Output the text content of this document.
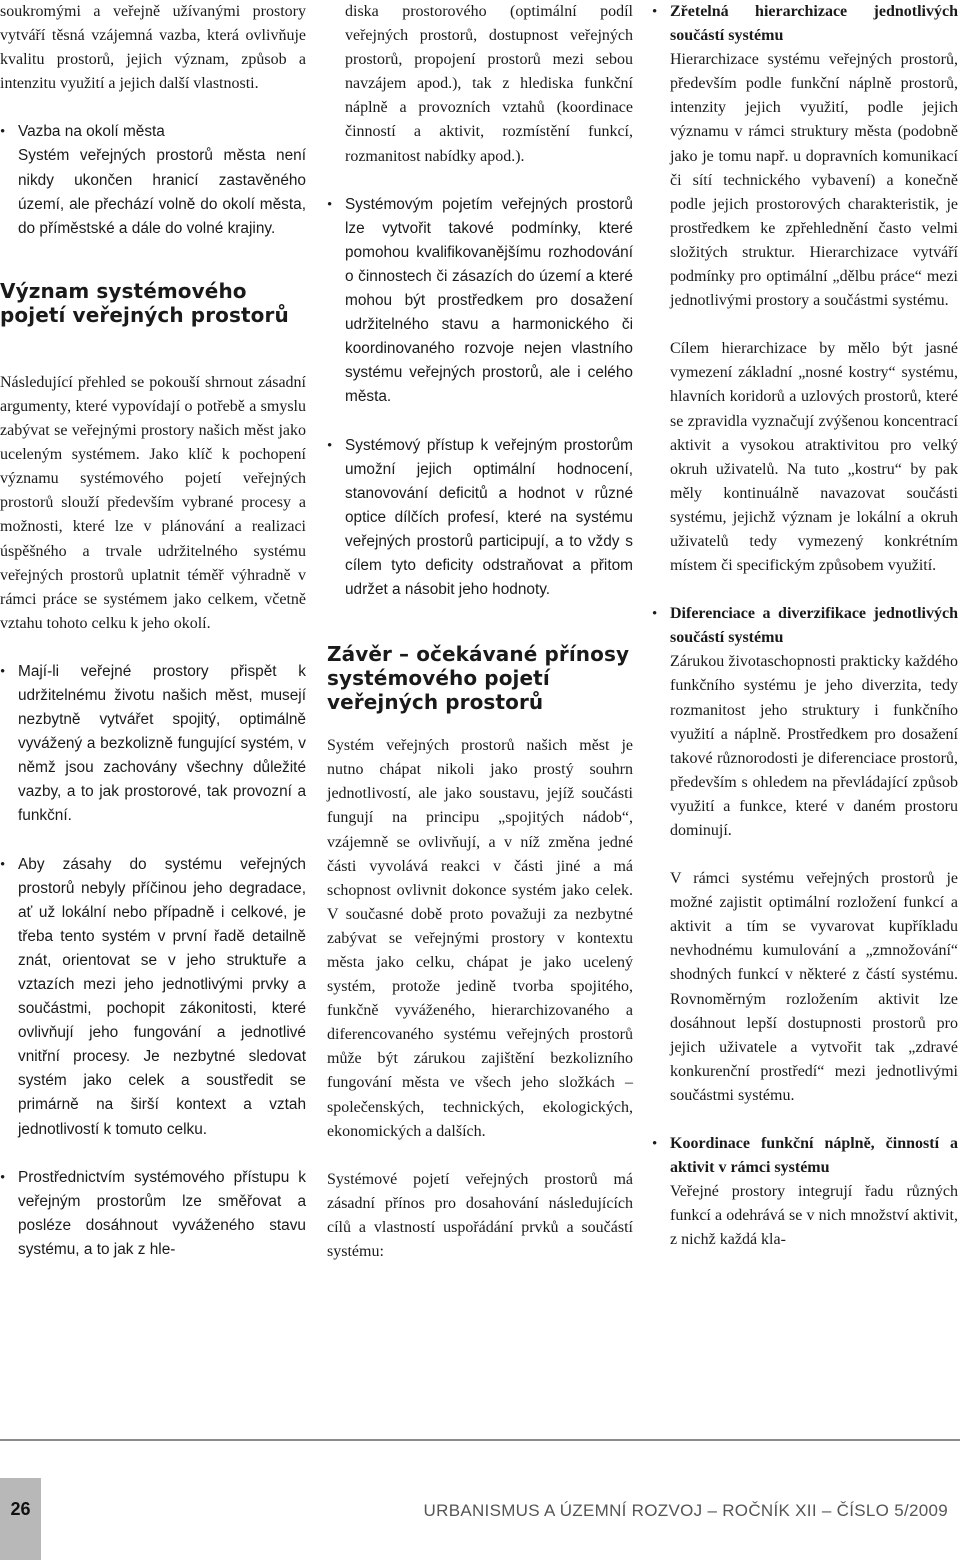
soukromými a veřejně užívanými prostory vytváří těsná vzájemná vazba, která ovlivňuje kvalitu prostorů, jejich význam, způsob a intenzitu využití a jejich další vlastnosti.

• Vazba na okolí města
Systém veřejných prostorů města není nikdy ukončen hranicí zastavěného území, ale přechází volně do okolí města, do příměstské a dále do volné krajiny.
Význam systémového pojetí veřejných prostorů

Následující přehled se pokouší shrnout zásadní argumenty, které vypovídají o potřebě a smyslu zabývat se veřejnými prostory našich měst jako uceleným systémem. Jako klíč k pochopení významu systémového pojetí veřejných prostorů slouží především vybrané procesy a možnosti, které lze v plánování a realizaci úspěšného a trvale udržitelného systému veřejných prostorů uplatnit téměř výhradně v rámci práce se systémem jako celkem, včetně vztahu tohoto celku k jeho okolí.

• Mají-li veřejné prostory přispět k udržitelnému životu našich měst, musejí nezbytně vytvářet spojitý, optimálně vyvážený a bezkolizně fungující systém, v němž jsou zachovány všechny důležité vazby, a to jak prostorové, tak provozní a funkční.
• Aby zásahy do systému veřejných prostorů nebyly příčinou jeho degradace, ať už lokální nebo případně i celkové, je třeba tento systém v první řadě detailně znát, orientovat se v jeho struktuře a vztazích mezi jeho jednotlivými prvky a součástmi, pochopit zákonitosti, které ovlivňují jeho fungování a jednotlivé vnitřní procesy. Je nezbytné sledovat systém jako celek a soustředit se primárně na širší kontext a vztah jednotlivostí k tomuto celku.
• Prostřednictvím systémového přístupu k veřejným prostorům lze směřovat a posléze dosáhnout vyváženého stavu systému, a to jak z hle-

diska prostorového (optimální podíl veřejných prostorů, dostupnost veřejných prostorů, propojení prostorů mezi sebou navzájem apod.), tak z hlediska funkční náplně a provozních vztahů (koordinace činností a aktivit, rozmístění funkcí, rozmanitost nabídky apod.).

• Systémovým pojetím veřejných prostorů lze vytvořit takové podmínky, které pomohou kvalifikovanějšímu rozhodování o činnostech či zásazích do území a které mohou být prostředkem pro dosažení udržitelného stavu a harmonického či koordinovaného rozvoje nejen vlastního systému veřejných prostorů, ale i celého města.
• Systémový přístup k veřejným prostorům umožní jejich optimální hodnocení, stanovování deficitů a hodnot v různé optice dílčích profesí, které na systému veřejných prostorů participují, a to vždy s cílem tyto deficity odstraňovat a přitom udržet a násobit jeho hodnoty.
Závěr – očekávané přínosy systémového pojetí veřejných prostorů

Systém veřejných prostorů našich měst je nutno chápat nikoli jako prostý souhrn jednotlivostí, ale jako soustavu, jejíž součásti fungují na principu „spojitých nádob“, vzájemně se ovlivňují, a v níž změna jedné části vyvolává reakci v části jiné a má schopnost ovlivnit dokonce systém jako celek. V současné době proto považuji za nezbytné zabývat se veřejnými prostory v kontextu města jako celku, chápat je jako ucelený systém, protože jedině tvorba spojitého, funkčně vyváženého, hierarchizovaného a diferencovaného systému veřejných prostorů může být zárukou zajištění bezkolizního fungování města ve všech jeho složkách – společenských, technických, ekologických, ekonomických a dalších.

Systémové pojetí veřejných prostorů má zásadní přínos pro dosahování následujících cílů a vlastností uspořádání prvků a součástí systému:

• Zřetelná hierarchizace jednotlivých součástí systému
Hierarchizace systému veřejných prostorů, především podle funkční náplně prostorů, intenzity jejich využití, podle jejich významu v rámci struktury města (podobně jako je tomu např. u dopravních komunikací či sítí technického vybavení) a konečně podle jejich prostorových charakteristik, je prostředkem ke zpřehlednění často velmi složitých struktur. Hierarchizace vytváří podmínky pro optimální „dělbu práce“ mezi jednotlivými prostory a součástmi systému.
Cílem hierarchizace by mělo být jasné vymezení základní „nosné kostry“ systému, hlavních koridorů a uzlových prostorů, které se zpravidla vyznačují zvýšenou koncentrací aktivit a vysokou atraktivitou pro velký okruh uživatelů. Na tuto „kostru“ by pak měly kontinuálně navazovat součásti systému, jejichž význam je lokální a okruh uživatelů tedy vymezený konkrétním místem či specifickým způsobem využití.
• Diferenciace a diverzifikace jednotlivých součástí systému
Zárukou životaschopnosti prakticky každého funkčního systému je jeho diverzita, tedy rozmanitost jeho struktury i funkčního využití a náplně. Prostředkem pro dosažení takové různorodosti je diferenciace prostorů, především s ohledem na převládající způsob využití a funkce, které v daném prostoru dominují.
V rámci systému veřejných prostorů je možné zajistit optimální rozložení funkcí a aktivit a tím se vyvarovat kupříkladu nevhodnému kumulování a „zmnožování“ shodných funkcí v některé z částí systému. Rovnoměrným rozložením aktivit lze dosáhnout lepší dostupnosti prostorů pro jejich uživatele a vytvořit tak „zdravé konkurenční prostředí“ mezi jednotlivými součástmi systému.
• Koordinace funkční náplně, činností a aktivit v rámci systému
Veřejné prostory integrují řadu různých funkcí a odehrává se v nich množství aktivit, z nichž každá kla-
26	URBANISMUS A ÚZEMNÍ ROZVOJ – ROČNÍK XII – ČÍSLO 5/2009
